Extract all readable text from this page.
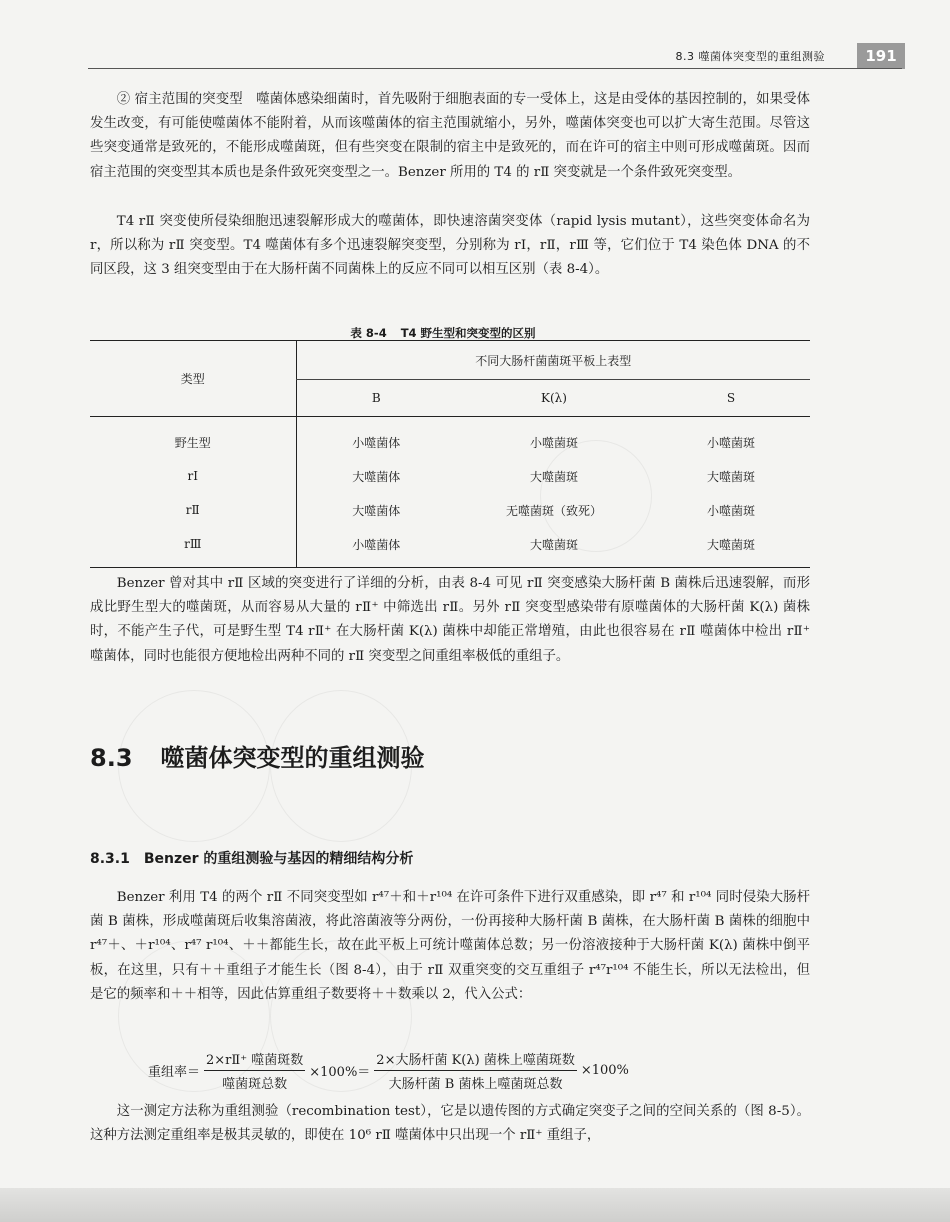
8.3 噬菌体突变型的重组测验	191

② 宿主范围的突变型　噬菌体感染细菌时，首先吸附于细胞表面的专一受体上，这是由受体的基因控制的，如果受体发生改变，有可能使噬菌体不能附着，从而该噬菌体的宿主范围就缩小，另外，噬菌体突变也可以扩大寄生范围。尽管这些突变通常是致死的，不能形成噬菌斑，但有些突变在限制的宿主中是致死的，而在许可的宿主中则可形成噬菌斑。因而宿主范围的突变型其本质也是条件致死突变型之一。Benzer 所用的 T4 的 rⅡ 突变就是一个条件致死突变型。

T4 rⅡ 突变使所侵染细胞迅速裂解形成大的噬菌体，即快速溶菌突变体（rapid lysis mutant），这些突变体命名为 r，所以称为 rⅡ 突变型。T4 噬菌体有多个迅速裂解突变型，分别称为 rⅠ，rⅡ，rⅢ 等，它们位于 T4 染色体 DNA 的不同区段，这 3 组突变型由于在大肠杆菌不同菌株上的反应不同可以相互区别（表 8-4）。

表 8-4 T4 野生型和突变型的区别
类型	不同大肠杆菌菌斑平板上表型		
	B	K(λ)	S
野生型	小噬菌体	小噬菌斑	小噬菌斑
rⅠ	大噬菌体	大噬菌斑	大噬菌斑
rⅡ	大噬菌体	无噬菌斑（致死）	小噬菌斑
rⅢ	小噬菌体	大噬菌斑	大噬菌斑

Benzer 曾对其中 rⅡ 区域的突变进行了详细的分析，由表 8-4 可见 rⅡ 突变感染大肠杆菌 B 菌株后迅速裂解，而形成比野生型大的噬菌斑，从而容易从大量的 rⅡ⁺ 中筛选出 rⅡ。另外 rⅡ 突变型感染带有原噬菌体的大肠杆菌 K(λ) 菌株时，不能产生子代，可是野生型 T4 rⅡ⁺ 在大肠杆菌 K(λ) 菌株中却能正常增殖，由此也很容易在 rⅡ 噬菌体中检出 rⅡ⁺ 噬菌体，同时也能很方便地检出两种不同的 rⅡ 突变型之间重组率极低的重组子。

8.3 噬菌体突变型的重组测验
8.3.1 Benzer 的重组测验与基因的精细结构分析

Benzer 利用 T4 的两个 rⅡ 不同突变型如 r⁴⁷＋和＋r¹⁰⁴ 在许可条件下进行双重感染，即 r⁴⁷ 和 r¹⁰⁴ 同时侵染大肠杆菌 B 菌株，形成噬菌斑后收集溶菌液，将此溶菌液等分两份，一份再接种大肠杆菌 B 菌株，在大肠杆菌 B 菌株的细胞中 r⁴⁷＋、＋r¹⁰⁴、r⁴⁷ r¹⁰⁴、＋＋都能生长，故在此平板上可统计噬菌体总数；另一份溶液接种于大肠杆菌 K(λ) 菌株中倒平板，在这里，只有＋＋重组子才能生长（图 8-4），由于 rⅡ 双重突变的交互重组子 r⁴⁷r¹⁰⁴ 不能生长，所以无法检出，但是它的频率和＋＋相等，因此估算重组子数要将＋＋数乘以 2，代入公式：

重组率＝ $\frac{\text{2×rⅡ⁺ 噬菌斑数}}{\text{噬菌斑总数}} \times 100\%= \frac{\text{2×大肠杆菌 K(λ) 菌株上噬菌斑数}}{\text{大肠杆菌 B 菌株上噬菌斑总数}} \times 100\%$

这一测定方法称为重组测验（recombination test），它是以遗传图的方式确定突变子之间的空间关系的（图 8-5）。这种方法测定重组率是极其灵敏的，即使在 10⁶ rⅡ 噬菌体中只出现一个 rⅡ⁺ 重组子，
